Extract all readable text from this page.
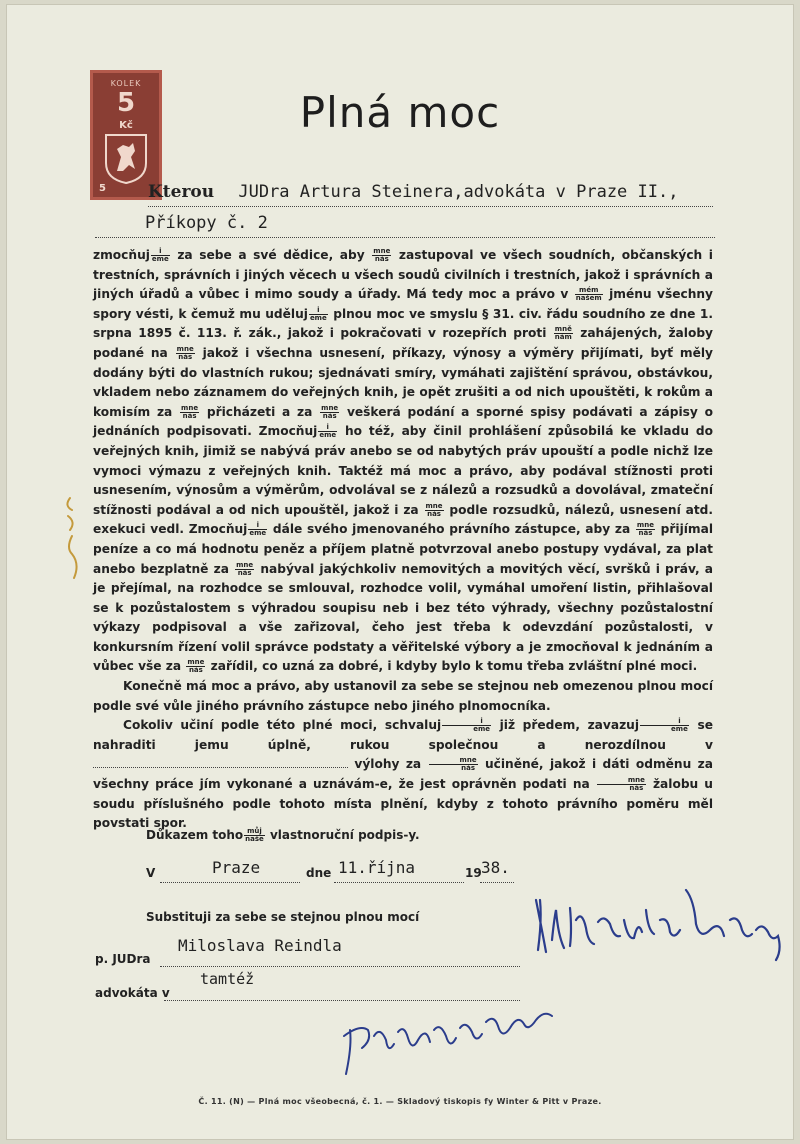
KOLEK
5
Kč
5
Plná moc
Kterou JUDra Artura Steinera,advokáta v Praze II.,
Příkopy č. 2

zmocňuj $\frac{i}{\text{eme}}$ za sebe a své dědice, aby $\frac{\text{mne}}{\text{nás}}$ zastupoval ve všech soudních, občanských i trestních, správních i jiných věcech u všech soudů civilních i trestních, jakož i správních a jiných úřadů a vůbec i mimo soudy a úřady. Má tedy moc a právo v $\frac{\text{mém}}{\text{našem}}$ jménu všechny spory vésti, k čemuž mu uděluj $\frac{i}{\text{eme}}$ plnou moc ve smyslu § 31. civ. řádu soudního ze dne 1. srpna 1895 č. 113. ř. zák., jakož i pokračovati v rozepřích proti $\frac{\text{mně}}{\text{nám}}$ zahájených, žaloby podané na $\frac{\text{mne}}{\text{nás}}$ jakož i všechna usnesení, příkazy, výnosy a výměry přijímati, byť měly dodány býti do vlastních rukou; sjednávati smíry, vymáhati zajištění správou, obstávkou, vkladem nebo záznamem do veřejných knih, je opět zrušiti a od nich upouštěti, k rokům a komisím za $\frac{\text{mne}}{\text{nás}}$ přicházeti a za $\frac{\text{mne}}{\text{nás}}$ veškerá podání a sporné spisy podávati a zápisy o jednáních podpisovati. Zmocňuj $\frac{i}{\text{eme}}$ ho též, aby činil prohlášení způsobilá ke vkladu do veřejných knih, jimiž se nabývá práv anebo se od nabytých práv upouští a podle nichž lze vymoci výmazu z veřejných knih. Taktéž má moc a právo, aby podával stížnosti proti usnesením, výnosům a výměrům, odvolával se z nálezů a rozsudků a dovolával, zmateční stížnosti podával a od nich upouštěl, jakož i za $\frac{\text{mne}}{\text{nás}}$ podle rozsudků, nálezů, usnesení atd. exekuci vedl. Zmocňuj $\frac{i}{\text{eme}}$ dále svého jmenovaného právního zástupce, aby za $\frac{\text{mne}}{\text{nás}}$ přijímal peníze a co má hodnotu peněz a příjem platně potvrzoval anebo postupy vydával, za plat anebo bezplatně za $\frac{\text{mne}}{\text{nás}}$ nabýval jakýchkoliv nemovitých a movitých věcí, svršků i práv, a je přejímal, na rozhodce se smlouval, rozhodce volil, vymáhal umoření listin, přihlašoval se k pozůstalostem s výhradou soupisu neb i bez této výhrady, všechny pozůstalostní výkazy podpisoval a vše zařizoval, čeho jest třeba k odevzdání pozůstalosti, v konkursním řízení volil správce podstaty a věřitelské výbory a je zmocňoval k jednáním a vůbec vše za $\frac{\text{mne}}{\text{nás}}$ zařídil, co uzná za dobré, i kdyby bylo k tomu třeba zvláštní plné moci.

Konečně má moc a právo, aby ustanovil za sebe se stejnou neb omezenou plnou mocí podle své vůle jiného právního zástupce nebo jiného plnomocníka.

Cokoliv učiní podle této plné moci, schvaluj $\frac{i}{\text{eme}}$ již předem, zavazuj $\frac{i}{\text{eme}}$ se nahraditi jemu úplně, rukou společnou a nerozdílnou v výlohy za $\frac{\text{mne}}{\text{nás}}$ učiněné, jakož i dáti odměnu za všechny práce jím vykonané a uznávám-e, že jest oprávněn podati na $\frac{\text{mne}}{\text{nás}}$ žalobu u soudu příslušného podle tohoto místa plnění, kdyby z tohoto právního poměru měl povstati spor.

Důkazem toho $\frac{\text{můj}}{\text{naše}}$ vlastnoruční podpis-y.
V	Praze	dne 11.října	19 38.
Substituji za sebe se stejnou plnou mocí
p. JUDra
Miloslava Reindla
advokáta v
tamtéž
Č. 11. (N) — Plná moc všeobecná, č. 1. — Skladový tiskopis fy Winter & Pitt v Praze.
